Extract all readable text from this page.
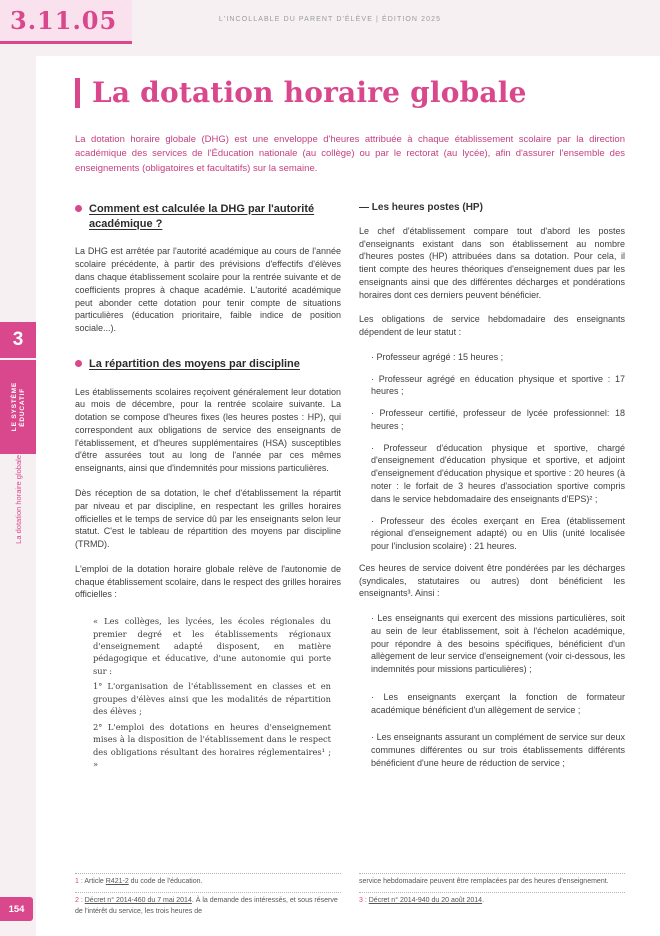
3.11.05	L'INCOLLABLE DU PARENT D'ÉLÈVE | ÉDITION 2025
La dotation horaire globale

La dotation horaire globale (DHG) est une enveloppe d'heures attribuée à chaque établissement scolaire par la direction académique des services de l'Éducation nationale (au collège) ou par le rectorat (au lycée), afin d'assurer l'ensemble des enseignements (obligatoires et facultatifs) sur la semaine.

Comment est calculée la DHG par l'autorité académique ?

La DHG est arrêtée par l'autorité académique au cours de l'année scolaire précédente, à partir des prévisions d'effectifs d'élèves dans chaque établissement scolaire pour la rentrée suivante et de coefficients propres à chaque académie. L'autorité académique peut abonder cette dotation pour tenir compte de situations particulières (éducation prioritaire, faible indice de position sociale...).

La répartition des moyens par discipline

Les établissements scolaires reçoivent généralement leur dotation au mois de décembre, pour la rentrée scolaire suivante. La dotation se compose d'heures fixes (les heures postes : HP), qui correspondent aux obligations de service des enseignants de l'établissement, et d'heures supplémentaires (HSA) susceptibles d'être assurées tout au long de l'année par ces mêmes enseignants, ainsi que d'indemnités pour missions particulières.

Dès réception de sa dotation, le chef d'établissement la répartit par niveau et par discipline, en respectant les grilles horaires officielles et le temps de service dû par les enseignants selon leur statut. C'est le tableau de répartition des moyens par discipline (TRMD).

L'emploi de la dotation horaire globale relève de l'autonomie de chaque établissement scolaire, dans le respect des grilles horaires officielles :

« Les collèges, les lycées, les écoles régionales du premier degré et les établissements régionaux d'enseignement adapté disposent, en matière pédagogique et éducative, d'une autonomie qui porte sur :

1° L'organisation de l'établissement en classes et en groupes d'élèves ainsi que les modalités de répartition des élèves ;

2° L'emploi des dotations en heures d'enseignement mises à la disposition de l'établissement dans le respect des obligations résultant des horaires réglementaires¹ ; »

— Les heures postes (HP)

Le chef d'établissement compare tout d'abord les postes d'enseignants existant dans son établissement au nombre d'heures postes (HP) attribuées dans sa dotation. Pour cela, il tient compte des heures théoriques d'enseignement dues par les enseignants ainsi que des différentes décharges et pondérations horaires dont ces derniers peuvent bénéficier.

Les obligations de service hebdomadaire des enseignants dépendent de leur statut :

· Professeur agrégé : 15 heures ;

· Professeur agrégé en éducation physique et sportive : 17 heures ;

· Professeur certifié, professeur de lycée professionnel: 18 heures ;

· Professeur d'éducation physique et sportive, chargé d'enseignement d'éducation physique et sportive, et adjoint d'enseignement d'éducation physique et sportive : 20 heures (à noter : le forfait de 3 heures d'association sportive compris dans le service hebdomadaire des enseignants d'EPS)² ;

· Professeur des écoles exerçant en Erea (établissement régional d'enseignement adapté) ou en Ulis (unité localisée pour l'inclusion scolaire) : 21 heures.

Ces heures de service doivent être pondérées par les décharges (syndicales, statutaires ou autres) dont bénéficient les enseignants³. Ainsi :

· Les enseignants qui exercent des missions particulières, soit au sein de leur établissement, soit à l'échelon académique, pour répondre à des besoins spécifiques, bénéficient d'un allègement de leur service d'enseignement (voir ci-dessous, les indemnités pour missions particulières) ;

· Les enseignants exerçant la fonction de formateur académique bénéficient d'un allègement de service ;

· Les enseignants assurant un complément de service sur deux communes différentes ou sur trois établissements différents bénéficient d'une heure de réduction de service ;

1 : Article R421-2 du code de l'éducation.
2 : Décret n° 2014-460 du 7 mai 2014. À la demande des intéressés, et sous réserve de l'intérêt du service, les trois heures de
service hebdomadaire peuvent être remplacées par des heures d'enseignement.
3 : Décret n° 2014-940 du 20 août 2014.
3
LE SYSTÈME ÉDUCATIF
La dotation horaire globale
154
